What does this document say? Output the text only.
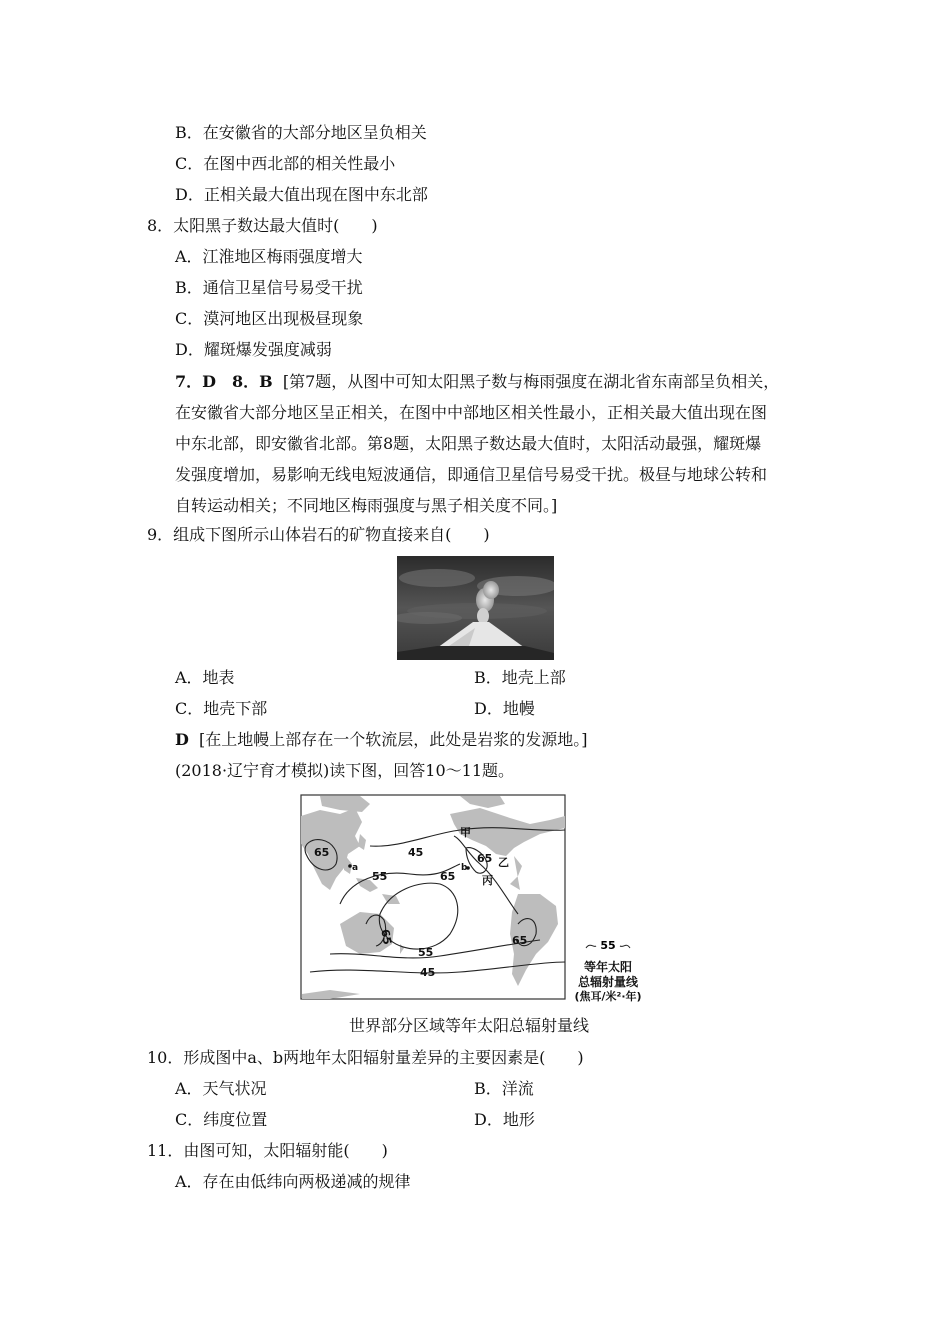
B．在安徽省的大部分地区呈负相关
C．在图中西北部的相关性最小
D．正相关最大值出现在图中东北部
8．太阳黑子数达最大值时(　　)
A．江淮地区梅雨强度增大
B．通信卫星信号易受干扰
C．漠河地区出现极昼现象
D．耀斑爆发强度减弱
7．D　8．B [第7题，从图中可知太阳黑子数与梅雨强度在湖北省东南部呈负相关，
在安徽省大部分地区呈正相关，在图中中部地区相关性最小，正相关最大值出现在图
中东北部，即安徽省北部。第8题，太阳黑子数达最大值时，太阳活动最强，耀斑爆
发强度增加，易影响无线电短波通信，即通信卫星信号易受干扰。极昼与地球公转和
自转运动相关；不同地区梅雨强度与黑子相关度不同。]
9．组成下图所示山体岩石的矿物直接来自(　　)
A．地表	B．地壳上部
C．地壳下部	D．地幔
D [在上地幔上部存在一个软流层，此处是岩浆的发源地。]
(2018·辽宁育才模拟)读下图，回答10～11题。
甲
乙
丙
a	b
45
65
55	65
65
65
55
45
65	55
等年太阳
总辐射量线
(焦耳/米²·年)
世界部分区域等年太阳总辐射量线
10．形成图中a、b两地年太阳辐射量差异的主要因素是(　　)
A．天气状况	B．洋流
C．纬度位置	D．地形
11．由图可知，太阳辐射能(　　)
A．存在由低纬向两极递减的规律
